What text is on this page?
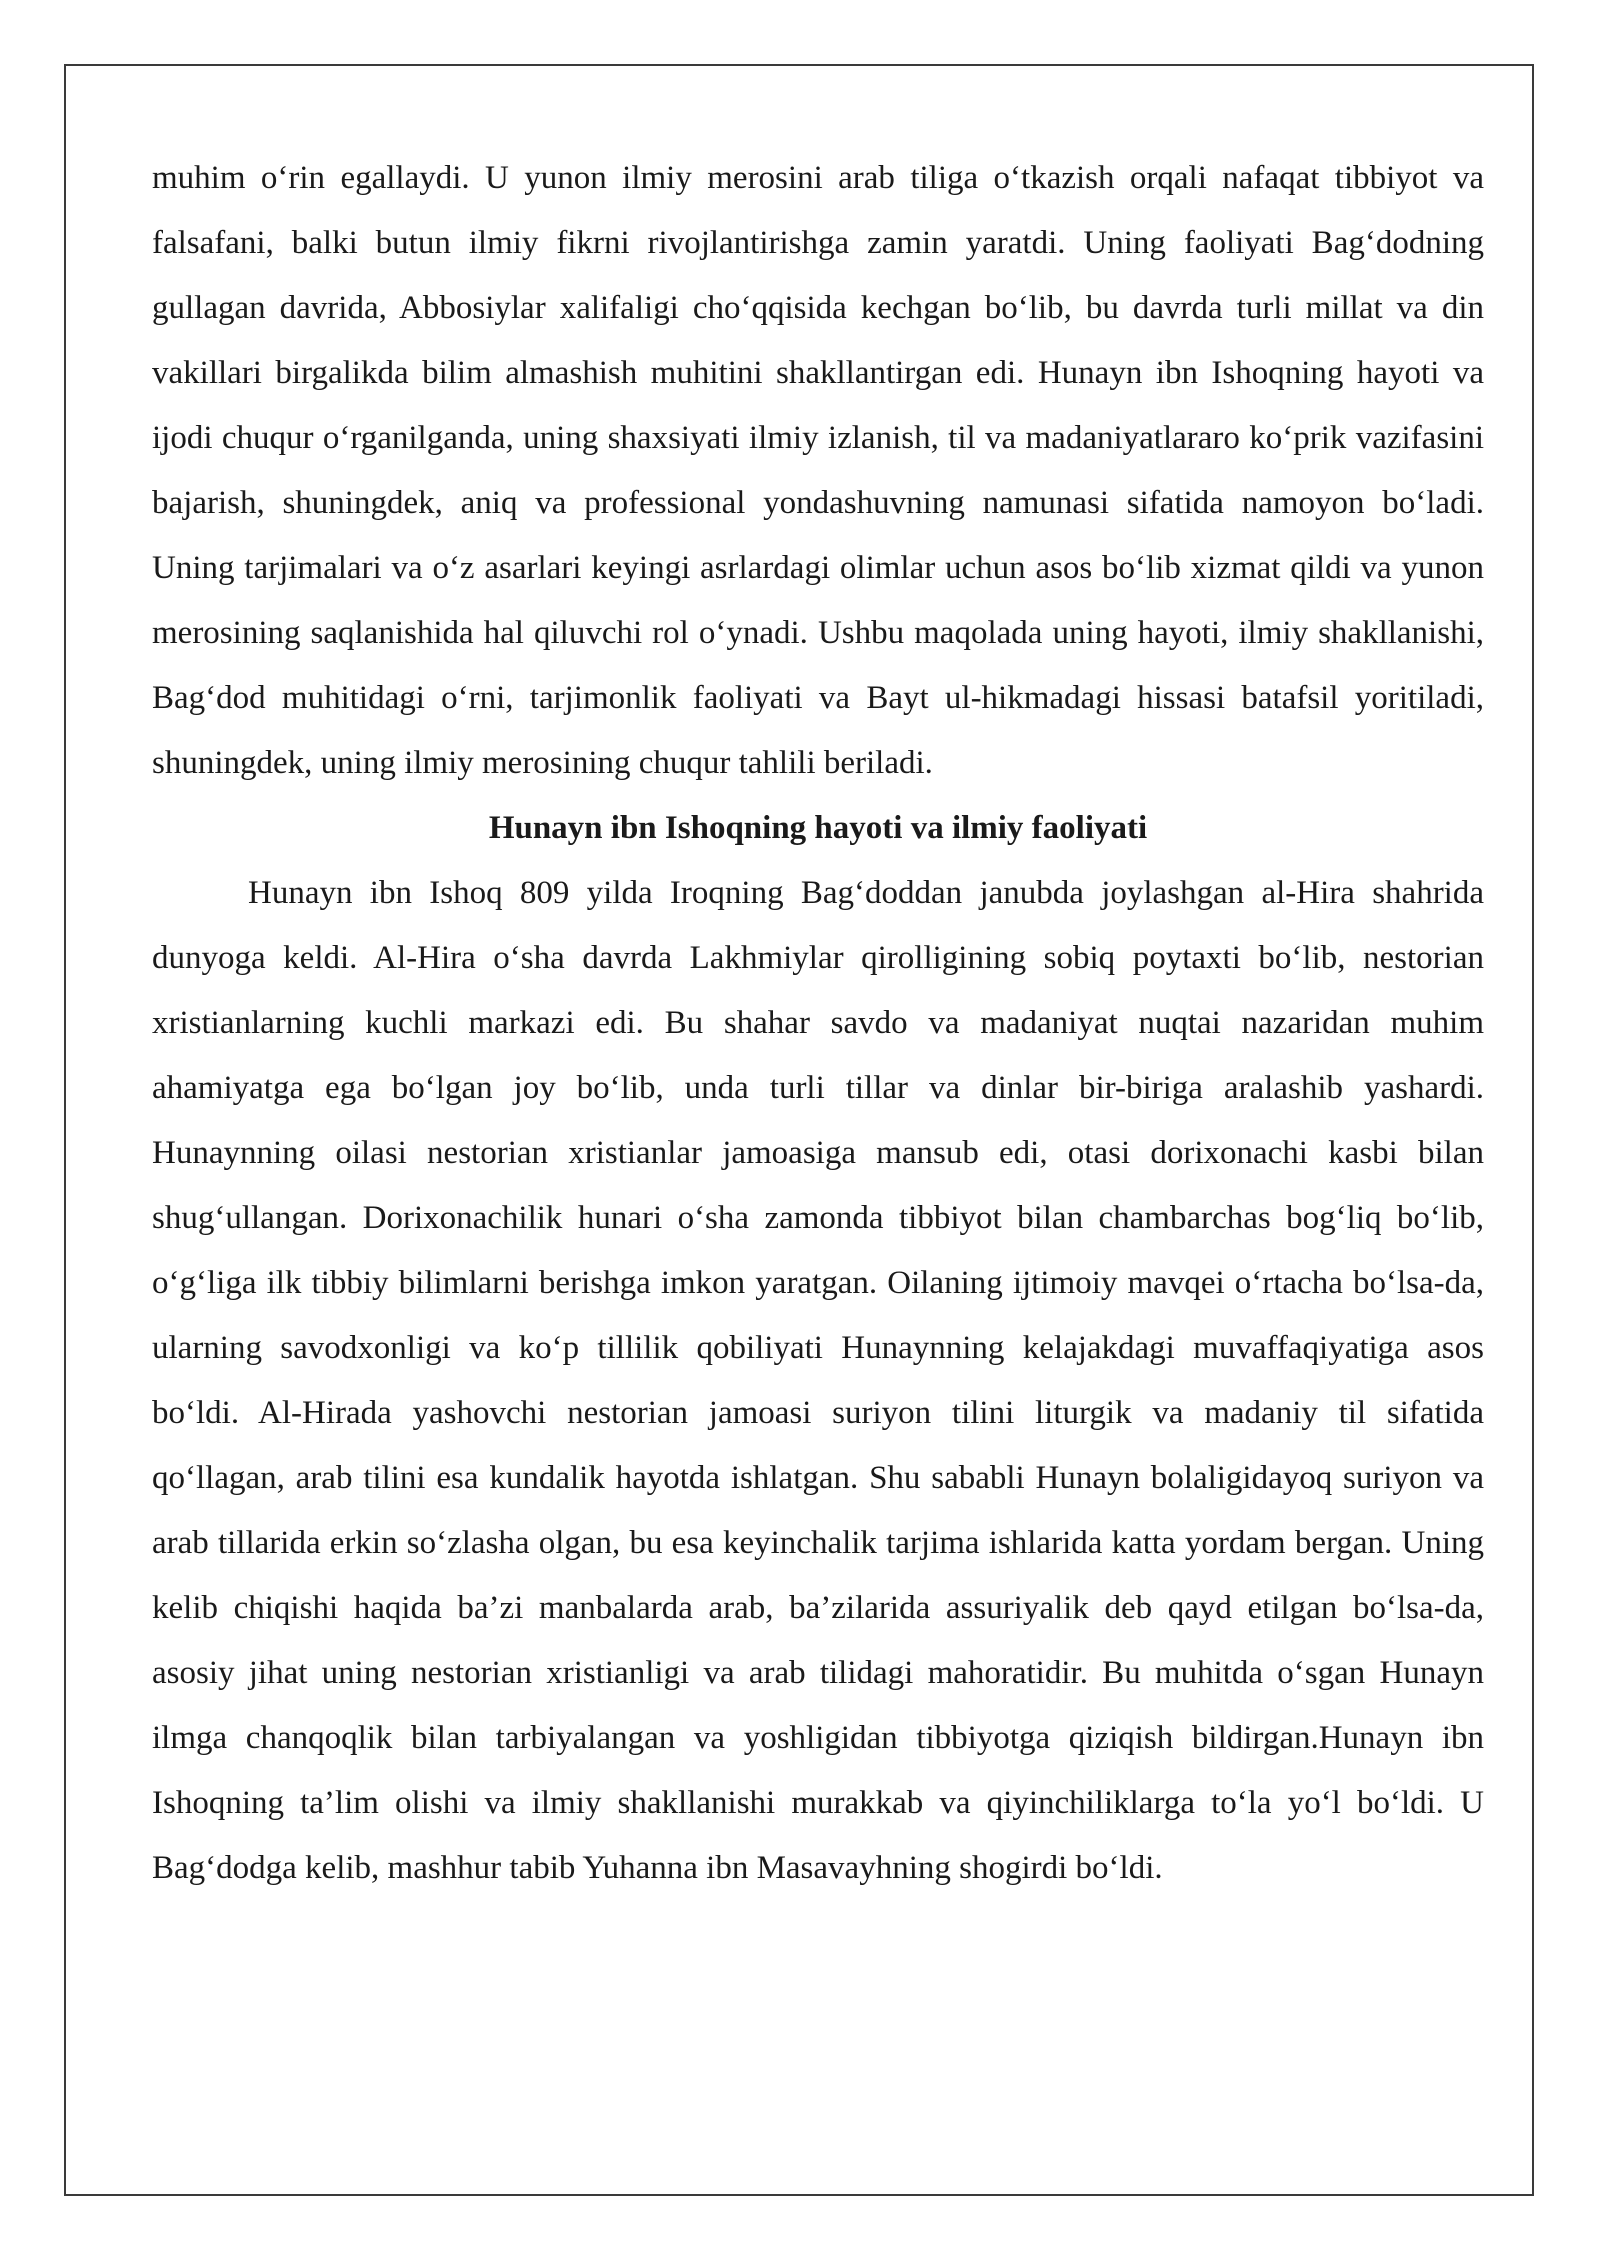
muhim o‘rin egallaydi. U yunon ilmiy merosini arab tiliga o‘tkazish orqali nafaqat tibbiyot va falsafani, balki butun ilmiy fikrni rivojlantirishga zamin yaratdi. Uning faoliyati Bag‘dodning gullagan davrida, Abbosiylar xalifaligi cho‘qqisida kechgan bo‘lib, bu davrda turli millat va din vakillari birgalikda bilim almashish muhitini shakllantirgan edi. Hunayn ibn Ishoqning hayoti va ijodi chuqur o‘rganilganda, uning shaxsiyati ilmiy izlanish, til va madaniyatlararo ko‘prik vazifasini bajarish, shuningdek, aniq va professional yondashuvning namunasi sifatida namoyon bo‘ladi. Uning tarjimalari va o‘z asarlari keyingi asrlardagi olimlar uchun asos bo‘lib xizmat qildi va yunon merosining saqlanishida hal qiluvchi rol o‘ynadi. Ushbu maqolada uning hayoti, ilmiy shakllanishi, Bag‘dod muhitidagi o‘rni, tarjimonlik faoliyati va Bayt ul-hikmadagi hissasi batafsil yoritiladi, shuningdek, uning ilmiy merosining chuqur tahlili beriladi.

Hunayn ibn Ishoqning hayoti va ilmiy faoliyati

Hunayn ibn Ishoq 809 yilda Iroqning Bag‘doddan janubda joylashgan al-Hira shahrida dunyoga keldi. Al-Hira o‘sha davrda Lakhmiylar qirolligining sobiq poytaxti bo‘lib, nestorian xristianlarning kuchli markazi edi. Bu shahar savdo va madaniyat nuqtai nazaridan muhim ahamiyatga ega bo‘lgan joy bo‘lib, unda turli tillar va dinlar bir-biriga aralashib yashardi. Hunaynning oilasi nestorian xristianlar jamoasiga mansub edi, otasi dorixonachi kasbi bilan shug‘ullangan. Dorixonachilik hunari o‘sha zamonda tibbiyot bilan chambarchas bog‘liq bo‘lib, o‘g‘liga ilk tibbiy bilimlarni berishga imkon yaratgan. Oilaning ijtimoiy mavqei o‘rtacha bo‘lsa-da, ularning savodxonligi va ko‘p tillilik qobiliyati Hunaynning kelajakdagi muvaffaqiyatiga asos bo‘ldi. Al-Hirada yashovchi nestorian jamoasi suriyon tilini liturgik va madaniy til sifatida qo‘llagan, arab tilini esa kundalik hayotda ishlatgan. Shu sababli Hunayn bolaligidayoq suriyon va arab tillarida erkin so‘zlasha olgan, bu esa keyinchalik tarjima ishlarida katta yordam bergan. Uning kelib chiqishi haqida ba’zi manbalarda arab, ba’zilarida assuriyalik deb qayd etilgan bo‘lsa-da, asosiy jihat uning nestorian xristianligi va arab tilidagi mahoratidir. Bu muhitda o‘sgan Hunayn ilmga chanqoqlik bilan tarbiyalangan va yoshligidan tibbiyotga qiziqish bildirgan.Hunayn ibn Ishoqning ta’lim olishi va ilmiy shakllanishi murakkab va qiyinchiliklarga to‘la yo‘l bo‘ldi. U Bag‘dodga kelib, mashhur tabib Yuhanna ibn Masavayhning shogirdi bo‘ldi.
